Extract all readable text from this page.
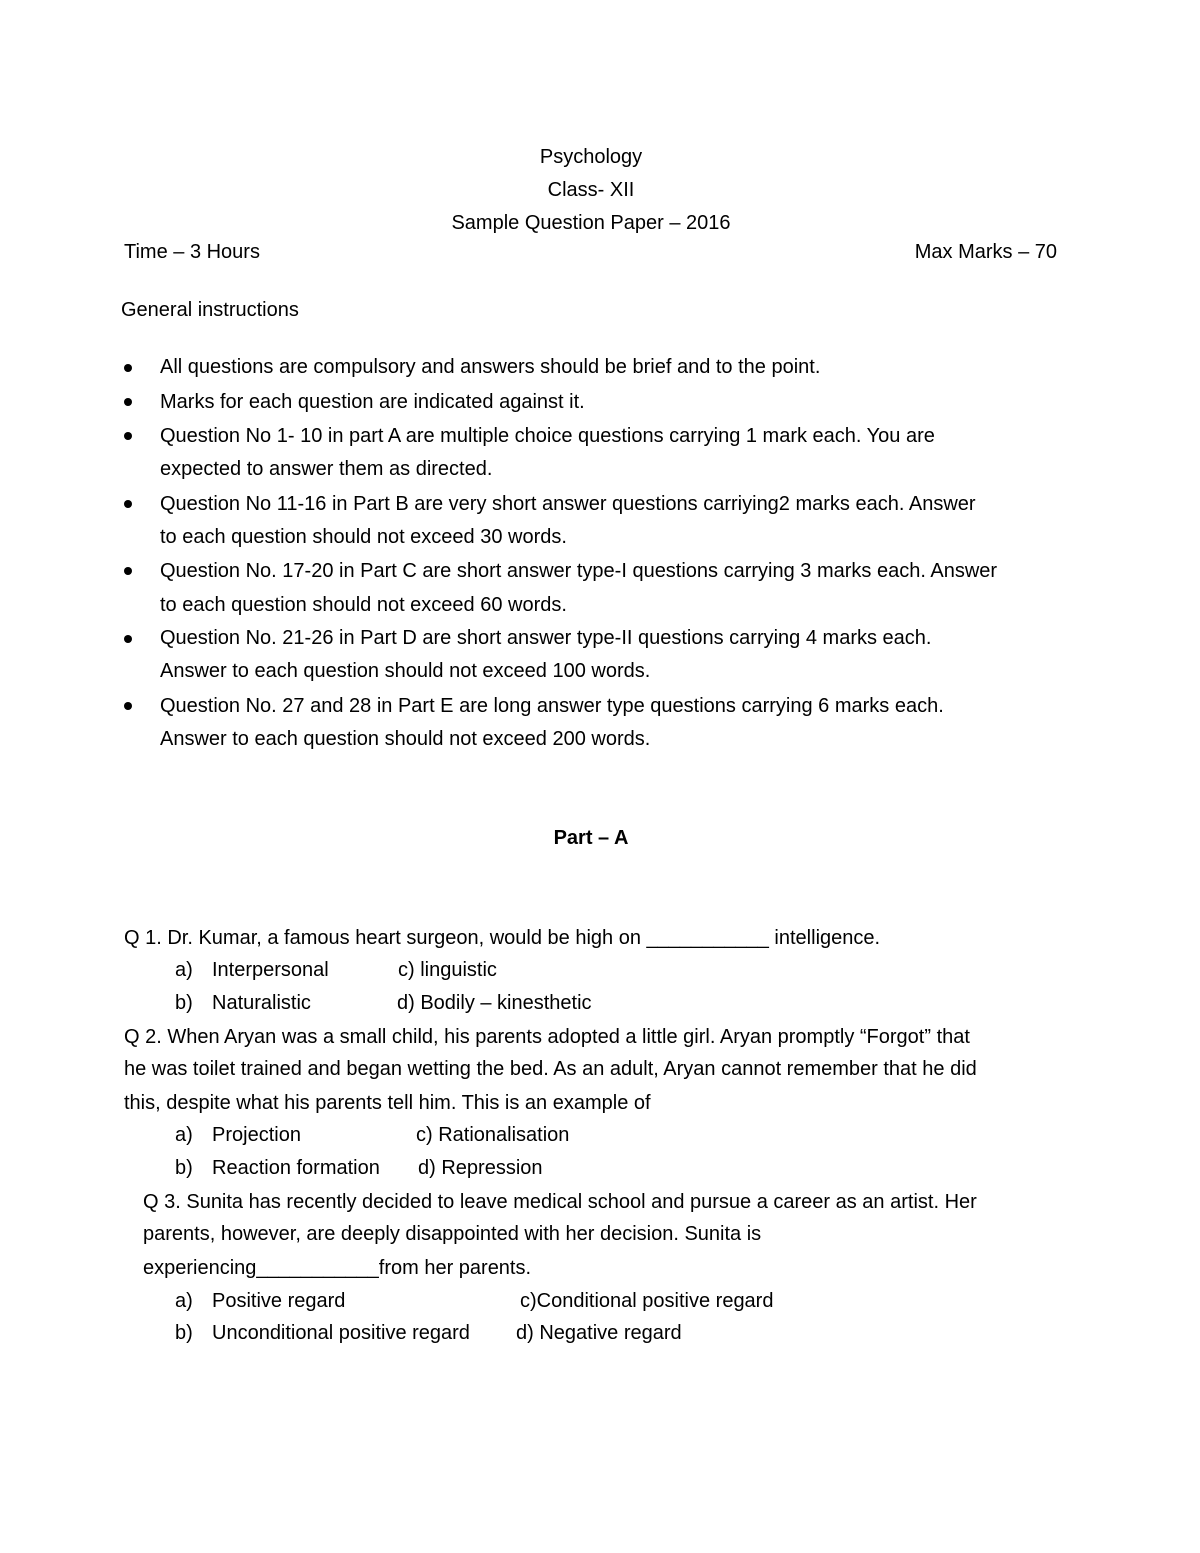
Psychology
Class- XII
Sample Question Paper – 2016
Time – 3 Hours	Max Marks – 70
General instructions
All questions are compulsory and answers should be brief and to the point.
Marks for each question are indicated against it.
Question No 1- 10 in part A are multiple choice questions carrying 1 mark each. You are
expected to answer them as directed.
Question No 11-16 in Part B are very short answer questions carriying2 marks each. Answer
to each question should not exceed 30 words.
Question No. 17-20 in Part C are short answer type-I questions carrying 3 marks each. Answer
to each question should not exceed 60 words.
Question No. 21-26 in Part D are short answer type-II questions carrying 4 marks each.
Answer to each question should not exceed 100 words.
Question No. 27 and 28 in Part E are long answer type questions carrying 6 marks each.
Answer to each question should not exceed 200 words.
Part – A
Q 1. Dr. Kumar, a famous heart surgeon, would be high on ___________ intelligence.
a) Interpersonal	c) linguistic
b) Naturalistic	d) Bodily – kinesthetic
Q 2. When Aryan was a small child, his parents adopted a little girl. Aryan promptly “Forgot” that
he was toilet trained and began wetting the bed. As an adult, Aryan cannot remember that he did
this, despite what his parents tell him. This is an example of
a) Projection	c) Rationalisation
b) Reaction formation d) Repression
Q 3. Sunita has recently decided to leave medical school and pursue a career as an artist. Her
parents, however, are deeply disappointed with her decision. Sunita is
experiencing___________from her parents.
a) Positive regard	c)Conditional positive regard
b) Unconditional positive regard d) Negative regard
